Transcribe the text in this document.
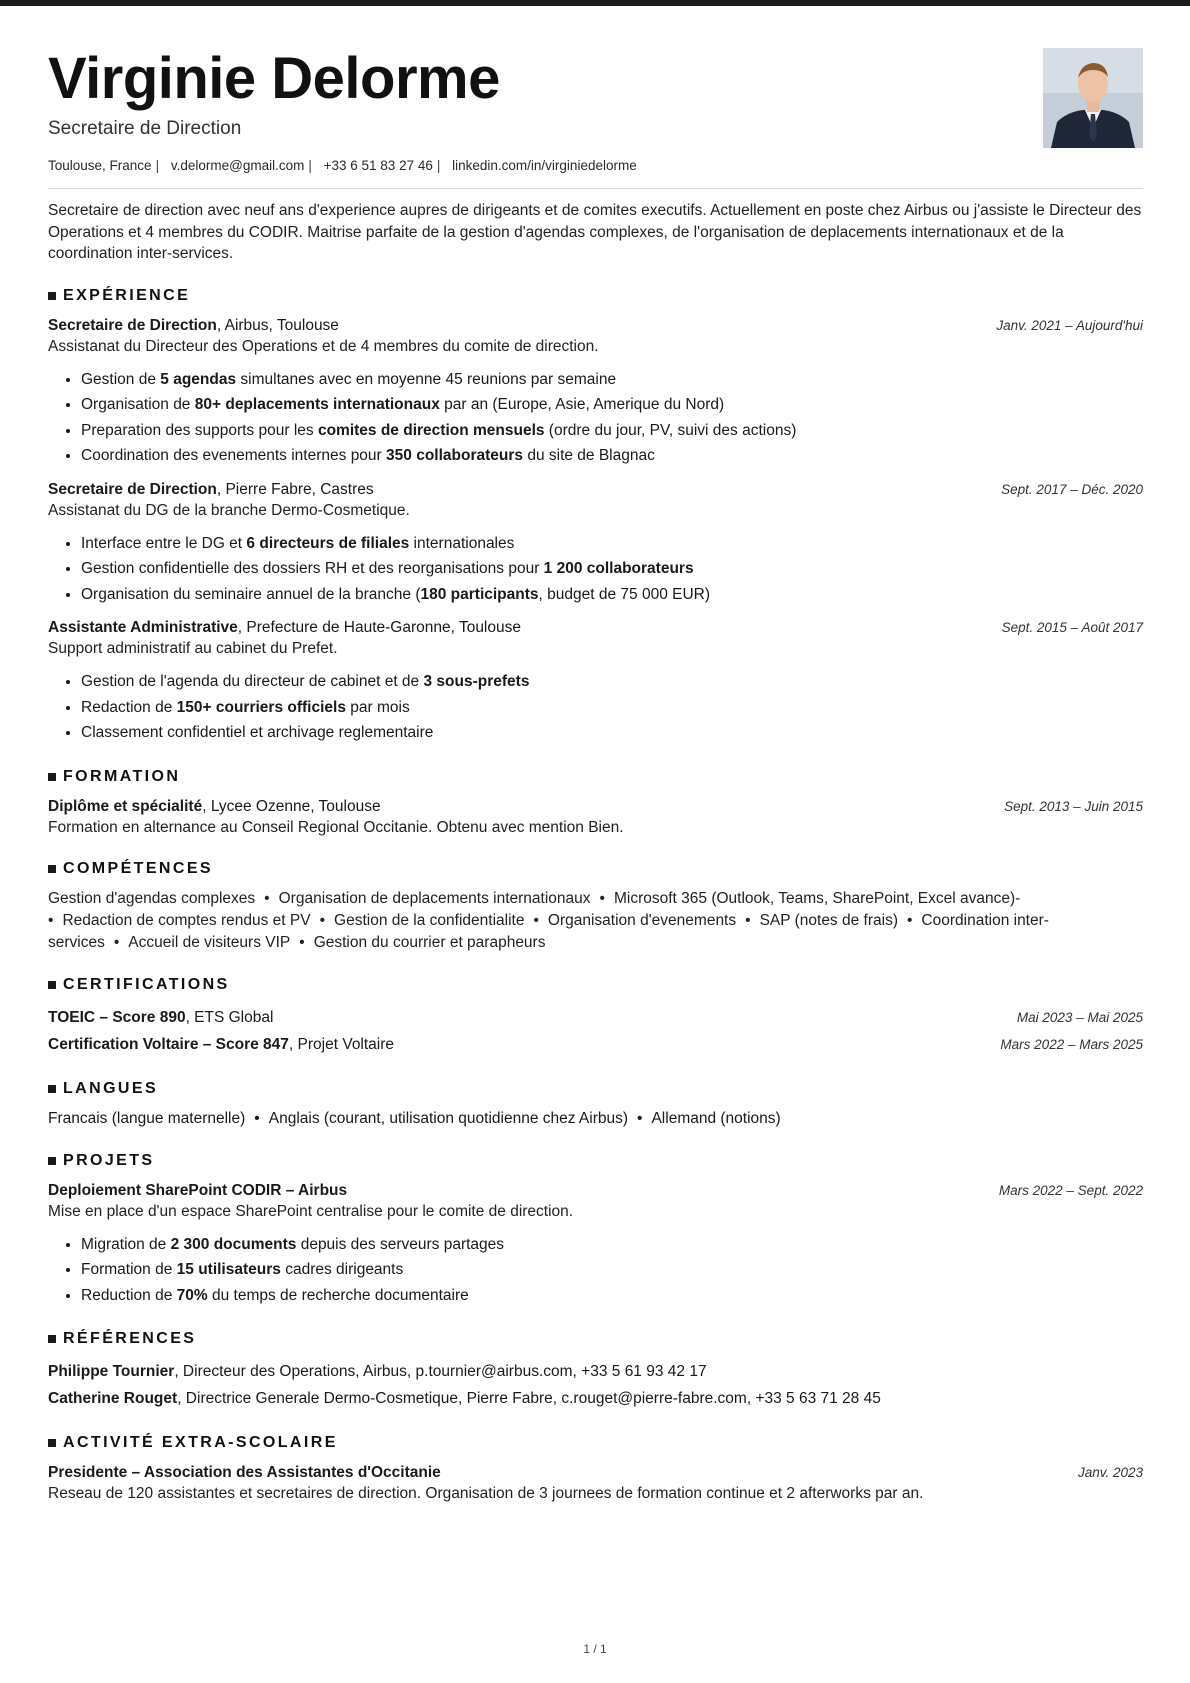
Virginie Delorme
Secretaire de Direction
Toulouse, France | v.delorme@gmail.com | +33 6 51 83 27 46 | linkedin.com/in/virginiedelorme

Secretaire de direction avec neuf ans d'experience aupres de dirigeants et de comites executifs. Actuellement en poste chez Airbus ou j'assiste le Directeur des Operations et 4 membres du CODIR. Maitrise parfaite de la gestion d'agendas complexes, de l'organisation de deplacements internationaux et de la coordination inter-services.

EXPÉRIENCE
Secretaire de Direction, Airbus, Toulouse	Janv. 2021 – Aujourd'hui
Assistanat du Directeur des Operations et de 4 membres du comite de direction.
• Gestion de 5 agendas simultanes avec en moyenne 45 reunions par semaine
• Organisation de 80+ deplacements internationaux par an (Europe, Asie, Amerique du Nord)
• Preparation des supports pour les comites de direction mensuels (ordre du jour, PV, suivi des actions)
• Coordination des evenements internes pour 350 collaborateurs du site de Blagnac
Secretaire de Direction, Pierre Fabre, Castres	Sept. 2017 – Déc. 2020
Assistanat du DG de la branche Dermo-Cosmetique.
• Interface entre le DG et 6 directeurs de filiales internationales
• Gestion confidentielle des dossiers RH et des reorganisations pour 1 200 collaborateurs
• Organisation du seminaire annuel de la branche (180 participants, budget de 75 000 EUR)
Assistante Administrative, Prefecture de Haute-Garonne, Toulouse	Sept. 2015 – Août 2017
Support administratif au cabinet du Prefet.
• Gestion de l'agenda du directeur de cabinet et de 3 sous-prefets
• Redaction de 150+ courriers officiels par mois
• Classement confidentiel et archivage reglementaire
FORMATION
Diplôme et spécialité, Lycee Ozenne, Toulouse	Sept. 2013 – Juin 2015
Formation en alternance au Conseil Regional Occitanie. Obtenu avec mention Bien.
COMPÉTENCES
Gestion d'agendas complexes • Organisation de deplacements internationaux • Microsoft 365 (Outlook, Teams, SharePoint, Excel avance)-
• Redaction de comptes rendus et PV • Gestion de la confidentialite • Organisation d'evenements • SAP (notes de frais) • Coordination inter-services • Accueil de visiteurs VIP • Gestion du courrier et parapheurs
CERTIFICATIONS
TOEIC – Score 890, ETS Global	Mai 2023 – Mai 2025
Certification Voltaire – Score 847, Projet Voltaire	Mars 2022 – Mars 2025
LANGUES
Francais (langue maternelle) • Anglais (courant, utilisation quotidienne chez Airbus) • Allemand (notions)
PROJETS
Deploiement SharePoint CODIR – Airbus	Mars 2022 – Sept. 2022
Mise en place d'un espace SharePoint centralise pour le comite de direction.
• Migration de 2 300 documents depuis des serveurs partages
• Formation de 15 utilisateurs cadres dirigeants
• Reduction de 70% du temps de recherche documentaire
RÉFÉRENCES
Philippe Tournier, Directeur des Operations, Airbus, p.tournier@airbus.com, +33 5 61 93 42 17
Catherine Rouget, Directrice Generale Dermo-Cosmetique, Pierre Fabre, c.rouget@pierre-fabre.com, +33 5 63 71 28 45
ACTIVITÉ EXTRA-SCOLAIRE
Presidente – Association des Assistantes d'Occitanie	Janv. 2023
Reseau de 120 assistantes et secretaires de direction. Organisation de 3 journees de formation continue et 2 afterworks par an.
1 / 1
